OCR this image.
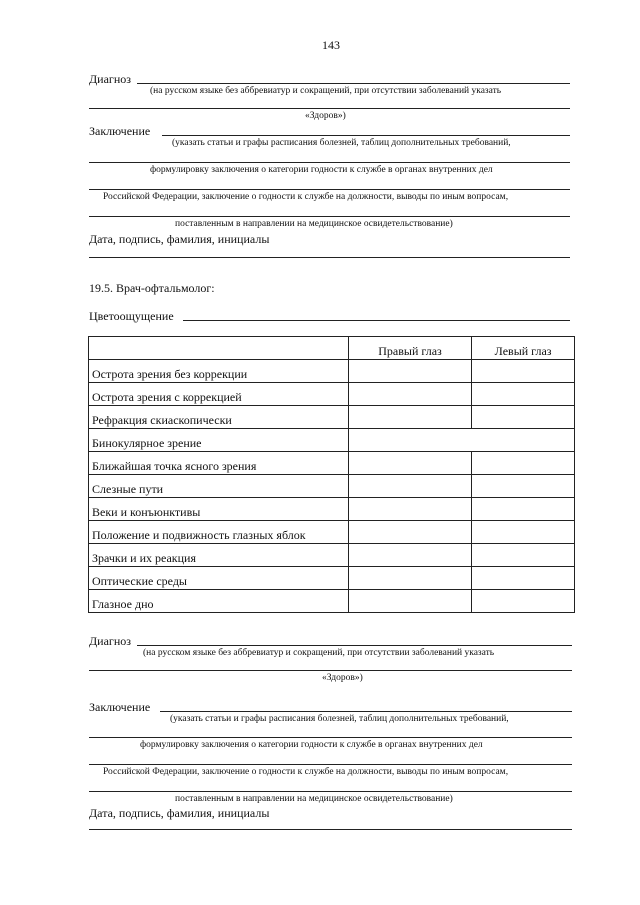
143
Диагноз
(на русском языке без аббревиатур и сокращений, при отсутствии заболеваний указать
«Здоров»)
Заключение
(указать статьи и графы расписания болезней, таблиц дополнительных требований,
формулировку заключения о категории годности к службе в органах внутренних дел
Российской Федерации, заключение о годности к службе на должности, выводы по иным вопросам,
поставленным в направлении на медицинское освидетельствование)
Дата, подпись, фамилия, инициалы
19.5. Врач-офтальмолог:
Цветоощущение
	Правый глаз	Левый глаз
Острота зрения без коррекции		
Острота зрения с коррекцией		
Рефракция скиаскопически		
Бинокулярное зрение		
Ближайшая точка ясного зрения		
Слезные пути		
Веки и конъюнктивы		
Положение и подвижность глазных яблок		
Зрачки и их реакция		
Оптические среды		
Глазное дно		
Диагноз
(на русском языке без аббревиатур и сокращений, при отсутствии заболеваний указать
«Здоров»)
Заключение
(указать статьи и графы расписания болезней, таблиц дополнительных требований,
формулировку заключения о категории годности к службе в органах внутренних дел
Российской Федерации, заключение о годности к службе на должности, выводы по иным вопросам,
поставленным в направлении на медицинское освидетельствование)
Дата, подпись, фамилия, инициалы
